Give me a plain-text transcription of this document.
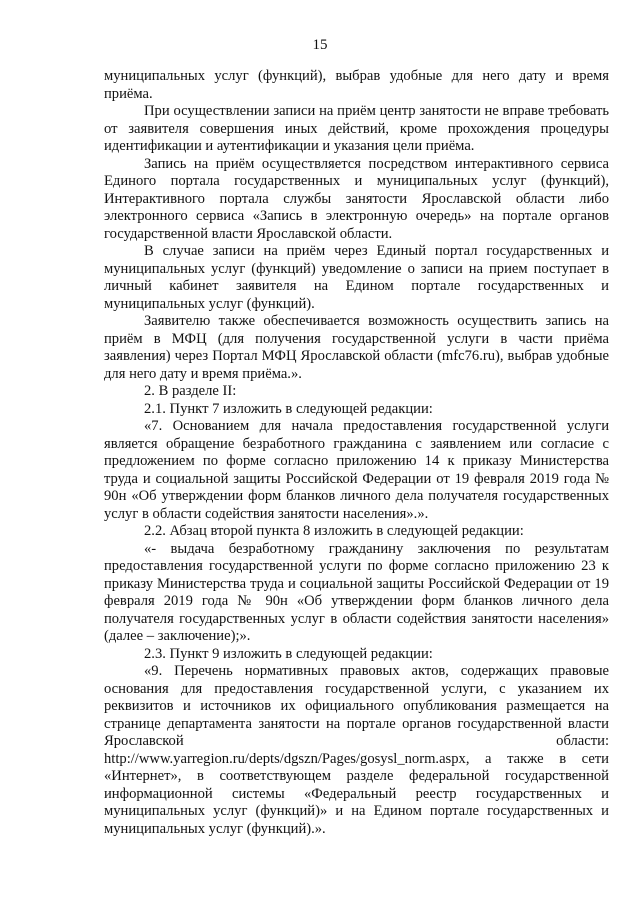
15

муниципальных услуг (функций), выбрав удобные для него дату и время приёма.

При осуществлении записи на приём центр занятости не вправе требовать от заявителя совершения иных действий, кроме прохождения процедуры идентификации и аутентификации и указания цели приёма.

Запись на приём осуществляется посредством интерактивного сервиса Единого портала государственных и муниципальных услуг (функций), Интерактивного портала службы занятости Ярославской области либо электронного сервиса «Запись в электронную очередь» на портале органов государственной власти Ярославской области.

В случае записи на приём через Единый портал государственных и муниципальных услуг (функций) уведомление о записи на прием поступает в личный кабинет заявителя на Едином портале государственных и муниципальных услуг (функций).

Заявителю также обеспечивается возможность осуществить запись на приём в МФЦ (для получения государственной услуги в части приёма заявления) через Портал МФЦ Ярославской области (mfc76.ru), выбрав удобные для него дату и время приёма.».

2. В разделе II:

2.1. Пункт 7 изложить в следующей редакции:

«7. Основанием для начала предоставления государственной услуги является обращение безработного гражданина с заявлением или согласие с предложением по форме согласно приложению 14 к приказу Министерства труда и социальной защиты Российской Федерации от 19 февраля 2019 года № 90н «Об утверждении форм бланков личного дела получателя государственных услуг в области содействия занятости населения».».

2.2. Абзац второй пункта 8 изложить в следующей редакции:

«- выдача безработному гражданину заключения по результатам предоставления государственной услуги по форме согласно приложению 23 к приказу Министерства труда и социальной защиты Российской Федерации от 19 февраля 2019 года № 90н «Об утверждении форм бланков личного дела получателя государственных услуг в области содействия занятости населения» (далее – заключение);».

2.3. Пункт 9 изложить в следующей редакции:

«9. Перечень нормативных правовых актов, содержащих правовые основания для предоставления государственной услуги, с указанием их реквизитов и источников их официального опубликования размещается на странице департамента занятости на портале органов государственной власти Ярославской области:

http://www.yarregion.ru/depts/dgszn/Pages/gosysl_norm.aspx, а также в сети

«Интернет», в соответствующем разделе федеральной государственной информационной системы «Федеральный реестр государственных и муниципальных услуг (функций)» и на Едином портале государственных и муниципальных услуг (функций).».
